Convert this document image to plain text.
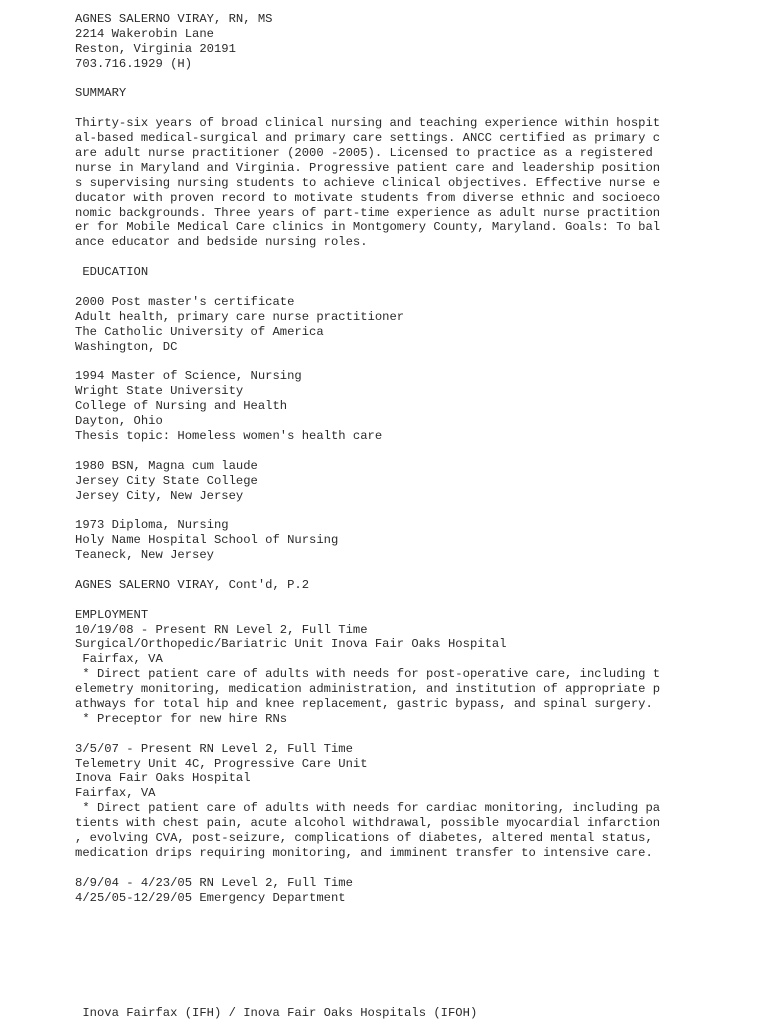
AGNES SALERNO VIRAY, RN, MS
2214 Wakerobin Lane
Reston, Virginia 20191
703.716.1929 (H)
SUMMARY
Thirty-six years of broad clinical nursing and teaching experience within hospit
al-based medical-surgical and primary care settings. ANCC certified as primary c
are adult nurse practitioner (2000 -2005). Licensed to practice as a registered
nurse in Maryland and Virginia. Progressive patient care and leadership position
s supervising nursing students to achieve clinical objectives. Effective nurse e
ducator with proven record to motivate students from diverse ethnic and socioeco
nomic backgrounds. Three years of part-time experience as adult nurse practition
er for Mobile Medical Care clinics in Montgomery County, Maryland. Goals: To bal
ance educator and bedside nursing roles.
EDUCATION
2000 Post master's certificate
Adult health, primary care nurse practitioner
The Catholic University of America
Washington, DC
1994 Master of Science, Nursing
Wright State University
College of Nursing and Health
Dayton, Ohio
Thesis topic: Homeless women's health care
1980 BSN, Magna cum laude
Jersey City State College
Jersey City, New Jersey
1973 Diploma, Nursing
Holy Name Hospital School of Nursing
Teaneck, New Jersey
AGNES SALERNO VIRAY, Cont'd, P.2
EMPLOYMENT
10/19/08 - Present RN Level 2, Full Time
Surgical/Orthopedic/Bariatric Unit Inova Fair Oaks Hospital
Fairfax, VA
* Direct patient care of adults with needs for post-operative care, including t
elemetry monitoring, medication administration, and institution of appropriate p
athways for total hip and knee replacement, gastric bypass, and spinal surgery.
* Preceptor for new hire RNs
3/5/07 - Present RN Level 2, Full Time
Telemetry Unit 4C, Progressive Care Unit
Inova Fair Oaks Hospital
Fairfax, VA
* Direct patient care of adults with needs for cardiac monitoring, including pa
tients with chest pain, acute alcohol withdrawal, possible myocardial infarction
, evolving CVA, post-seizure, complications of diabetes, altered mental status,
medication drips requiring monitoring, and imminent transfer to intensive care.
8/9/04 - 4/23/05 RN Level 2, Full Time
4/25/05-12/29/05 Emergency Department
Inova Fairfax (IFH) / Inova Fair Oaks Hospitals (IFOH)
